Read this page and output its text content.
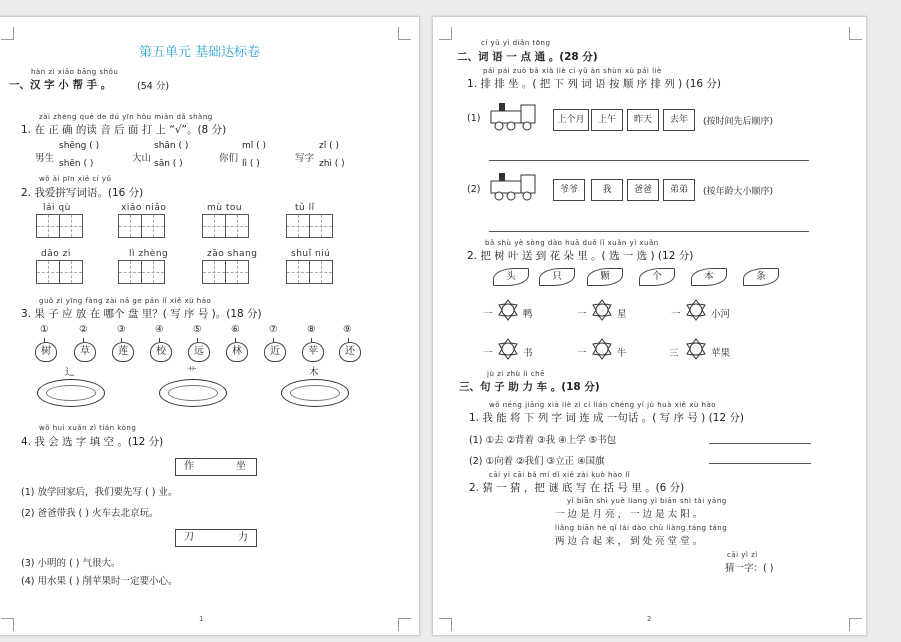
第五单元 基础达标卷
hàn zì xiǎo bāng shǒu
一、汉 字 小 帮 手 。	(54 分)
zài zhèng què de dú yīn hòu miàn dǎ shàng
1. 在 正 确 的读 音 后 面 打 上 “√”。(8 分)
男生
shēng ( )
shēn ( )	大山
shān ( )
sān ( )	你们
mǐ ( )
lì ( )	写字
zǐ ( )
zhì ( )
wǒ ài pīn xiě cí yǔ
2. 我爱拼写词语。(16 分)
lái qù	xiǎo niǎo	mù tou	tǔ lǐ
dāo zi	lì zhèng	zāo shang	shuǐ niú
guǒ zi yīng fàng zài nǎ ge pán lǐ xiě xù hào
3. 果 子 应 放 在 哪个 盘 里？( 写 序 号 )。(18 分)
①	②	③	④	⑤	⑥	⑦	⑧	⑨
树	草	莲	校	远	林	近	苹	还
辶	艹	木
wǒ huì xuǎn zì tián kòng
4. 我 会 选 字 填 空 。(12 分)
作	坐
(1) 放学回家后，我们要先写 ( ) 业。
(2) 爸爸带我 ( ) 火车去北京玩。
刀	力
(3) 小明的 ( ) 气很大。
(4) 用水果 ( ) 削苹果时一定要小心。
1
cí yǔ yì diǎn tōng
二、词 语 一 点 通 。(28 分)
pái pái zuò bǎ xià liè cí yǔ àn shùn xù pái liè
1. 排 排 坐 。( 把 下 列 词 语 按 顺 序 排 列 ) (16 分)
(1)	上个月	上午	昨天	去年	(按时间先后顺序)
(2)	爷爷	我	爸爸	弟弟	(按年龄大小顺序)
bǎ shù yè sòng dào huā duǒ lǐ xuǎn yì xuǎn
2. 把 树 叶 送 到 花 朵 里 。( 选 一 选 ) (12 分)
头	只	颗	个	本	条
一	鸭	一	星	一	小河
一	书	一	牛	三	苹果
jù zi zhù lì chē
三、句 子 助 力 车 。(18 分)
wǒ néng jiāng xià liè zì cí lián chéng yí jù huà xiě xù hào
1. 我 能 将 下 列 字 词 连 成 一句话 。( 写 序 号 ) (12 分)
(1) ①去 ②背着 ③我 ④上学 ⑤书包
(2) ①向着 ②我们 ③立正 ④国旗
cāi yi cāi bǎ mí dǐ xiě zài kuò hào lǐ
2. 猜 一 猜 ，把 谜 底 写 在 括 号 里 。(6 分)
yì biān shì yuè liang yì biān shì tài yáng
一 边 是 月 亮 ， 一 边 是 太 阳 。
liǎng biān hé qǐ lái dào chù liàng táng táng
两 边 合 起 来 ， 到 处 亮 堂 堂 。
cāi yì zì
猜一字：( )
2
